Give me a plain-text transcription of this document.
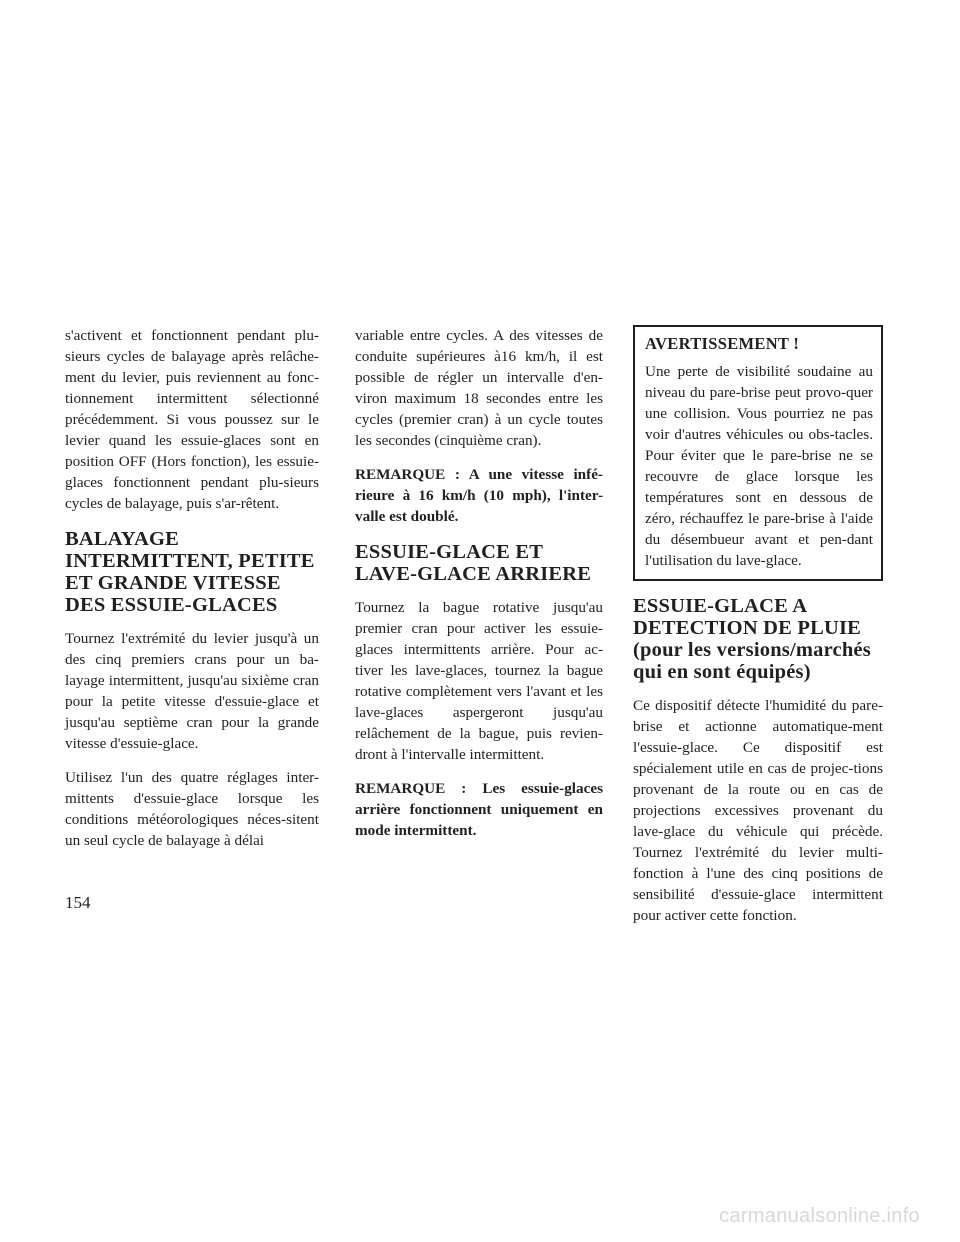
s'activent et fonctionnent pendant plu-sieurs cycles de balayage après relâche-ment du levier, puis reviennent au fonc-tionnement intermittent sélectionné précédemment. Si vous poussez sur le levier quand les essuie-glaces sont en position OFF (Hors fonction), les essuie-glaces fonctionnent pendant plu-sieurs cycles de balayage, puis s'ar-rêtent.

BALAYAGE INTERMITTENT, PETITE ET GRANDE VITESSE DES ESSUIE-GLACES

Tournez l'extrémité du levier jusqu'à un des cinq premiers crans pour un ba-layage intermittent, jusqu'au sixième cran pour la petite vitesse d'essuie-glace et jusqu'au septième cran pour la grande vitesse d'essuie-glace.

Utilisez l'un des quatre réglages inter-mittents d'essuie-glace lorsque les conditions météorologiques néces-sitent un seul cycle de balayage à délai

variable entre cycles. A des vitesses de conduite supérieures à16 km/h, il est possible de régler un intervalle d'en-viron maximum 18 secondes entre les cycles (premier cran) à un cycle toutes les secondes (cinquième cran).

REMARQUE : A une vitesse infé-rieure à 16 km/h (10 mph), l'inter-valle est doublé.

ESSUIE-GLACE ET LAVE-GLACE ARRIERE

Tournez la bague rotative jusqu'au premier cran pour activer les essuie-glaces intermittents arrière. Pour ac-tiver les lave-glaces, tournez la bague rotative complètement vers l'avant et les lave-glaces aspergeront jusqu'au relâchement de la bague, puis revien-dront à l'intervalle intermittent.

REMARQUE : Les essuie-glaces arrière fonctionnent uniquement en mode intermittent.

AVERTISSEMENT !

Une perte de visibilité soudaine au niveau du pare-brise peut provo-quer une collision. Vous pourriez ne pas voir d'autres véhicules ou obs-tacles. Pour éviter que le pare-brise ne se recouvre de glace lorsque les températures sont en dessous de zéro, réchauffez le pare-brise à l'aide du désembueur avant et pen-dant l'utilisation du lave-glace.

ESSUIE-GLACE A DETECTION DE PLUIE (pour les versions/marchés qui en sont équipés)

Ce dispositif détecte l'humidité du pare-brise et actionne automatique-ment l'essuie-glace. Ce dispositif est spécialement utile en cas de projec-tions provenant de la route ou en cas de projections excessives provenant du lave-glace du véhicule qui précède. Tournez l'extrémité du levier multi-fonction à l'une des cinq positions de sensibilité d'essuie-glace intermittent pour activer cette fonction.

154
carmanualsonline.info
